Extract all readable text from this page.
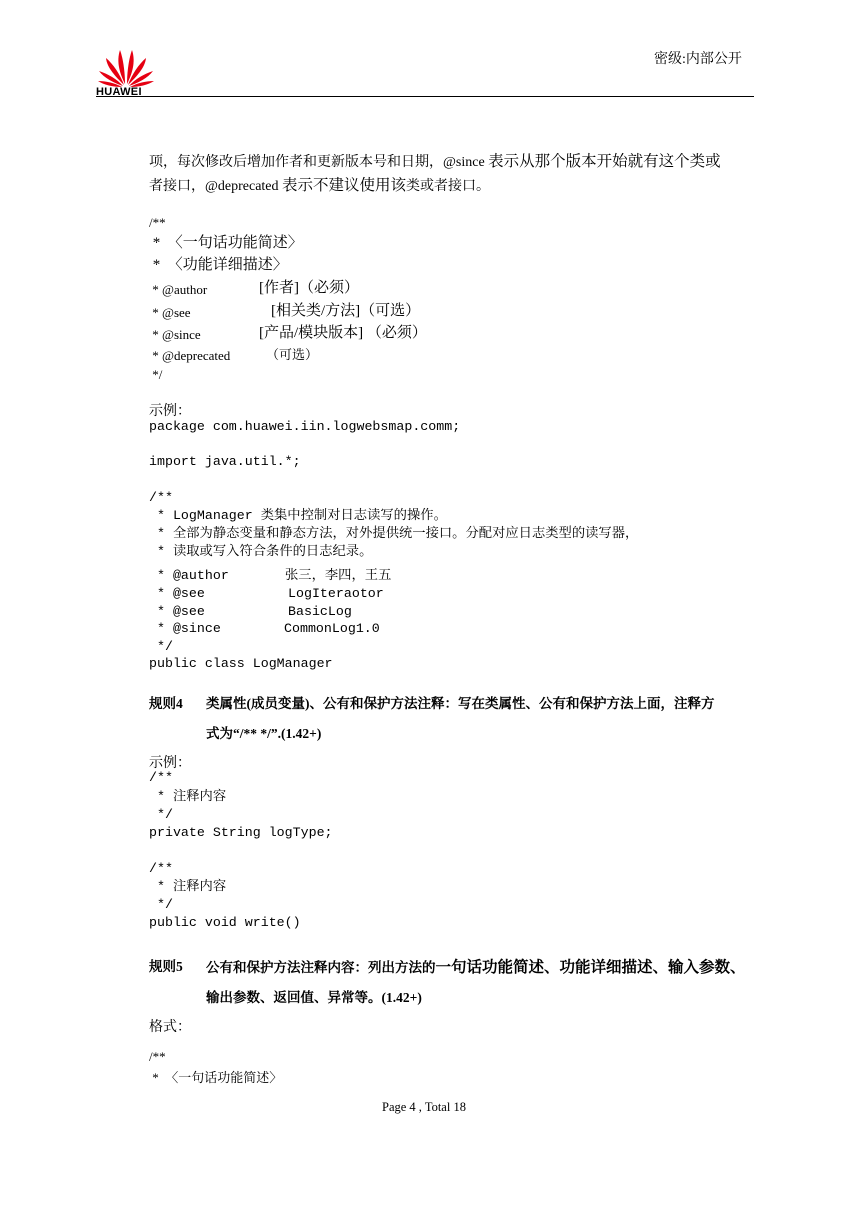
HUAWEI
密级:内部公开
项，每次修改后增加作者和更新版本号和日期，@since 表示从那个版本开始就有这个类或
者接口，@deprecated 表示不建议使用该类或者接口。
/**
*  〈一句话功能简述〉
*  〈功能详细描述〉
* @author	[作者]（必须）
* @see	[相关类/方法]（可选）
* @since	[产品/模块版本] （必须）
* @deprecated	（可选）
*/
示例：
package com.huawei.iin.logwebsmap.comm;
import java.util.*;
/**
* LogManager 类集中控制对日志读写的操作。
* 全部为静态变量和静态方法，对外提供统一接口。分配对应日志类型的读写器，
* 读取或写入符合条件的日志纪录。
* @author	张三，李四，王五
* @see	LogIteraotor
* @see	BasicLog
* @since	CommonLog1.0
*/
public class LogManager
规则4 类属性(成员变量)、公有和保护方法注释：写在类属性、公有和保护方法上面，注释方
式为“/** */”.(1.42+)
示例：
/**
* 注释内容
*/
private String logType;
/**
* 注释内容
*/
public void write()
规则5 公有和保护方法注释内容：列出方法的一句话功能简述、功能详细描述、输入参数、
输出参数、返回值、异常等。(1.42+)
格式：
/**
*  〈一句话功能简述〉
Page 4 , Total 18
